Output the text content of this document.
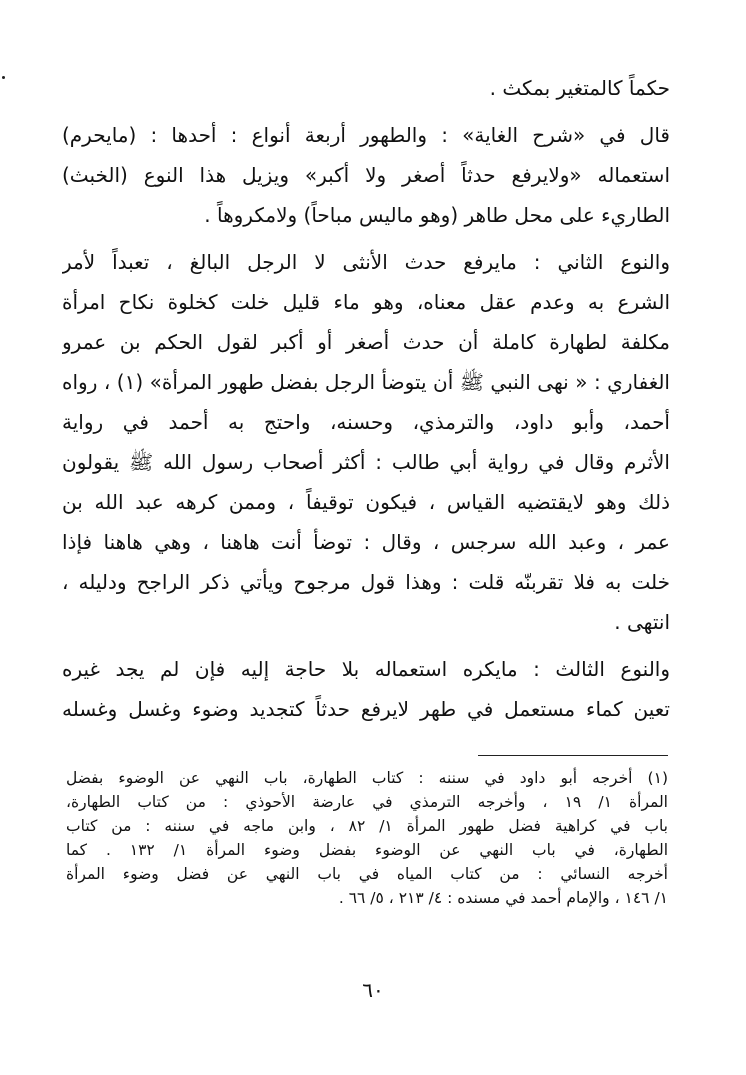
حكماً كالمتغير بمكث .
قال في «شرح الغاية» : والطهور أربعة أنواع : أحدها : (مايحرم)
استعماله «ولايرفع حدثاً أصغر ولا أكبر» ويزيل هذا النوع (الخبث)
الطاريء على محل طاهر (وهو ماليس مباحاً) ولامكروهاً .
والنوع الثاني : مايرفع حدث الأنثى لا الرجل البالغ ، تعبداً لأمر
الشرع به وعدم عقل معناه، وهو ماء قليل خلت كخلوة نكاح امرأة
مكلفة لطهارة كاملة أن حدث أصغر أو أكبر لقول الحكم بن عمرو
الغفاري : « نهى النبي ﷺ أن يتوضأ الرجل بفضل طهور المرأة» (١) ، رواه
أحمد، وأبو داود، والترمذي، وحسنه، واحتج به أحمد في رواية
الأثرم وقال في رواية أبي طالب : أكثر أصحاب رسول الله ﷺ يقولون
ذلك وهو لايقتضيه القياس ، فيكون توقيفاً ، وممن كرهه عبد الله بن
عمر ، وعبد الله سرجس ، وقال : توضأ أنت هاهنا ، وهي هاهنا فإذا
خلت به فلا تقربنّه قلت : وهذا قول مرجوح ويأتي ذكر الراجح ودليله ،
انتهى .
والنوع الثالث : مايكره استعماله بلا حاجة إليه فإن لم يجد غيره
تعين كماء مستعمل في طهر لايرفع حدثاً كتجديد وضوء وغسل وغسله
(١) أخرجه أبو داود في سننه : كتاب الطهارة، باب النهي عن الوضوء بفضل
المرأة ١/ ١٩ ، وأخرجه الترمذي في عارضة الأحوذي : من كتاب الطهارة،
باب في كراهية فضل طهور المرأة ١/ ٨٢ ، وابن ماجه في سننه : من كتاب
الطهارة، في باب النهي عن الوضوء بفضل وضوء المرأة ١/ ١٣٢ . كما
أخرجه النسائي : من كتاب المياه في باب النهي عن فضل وضوء المرأة
١/ ١٤٦ ، والإمام أحمد في مسنده : ٤/ ٢١٣ ، ٥/ ٦٦ .
٦٠
